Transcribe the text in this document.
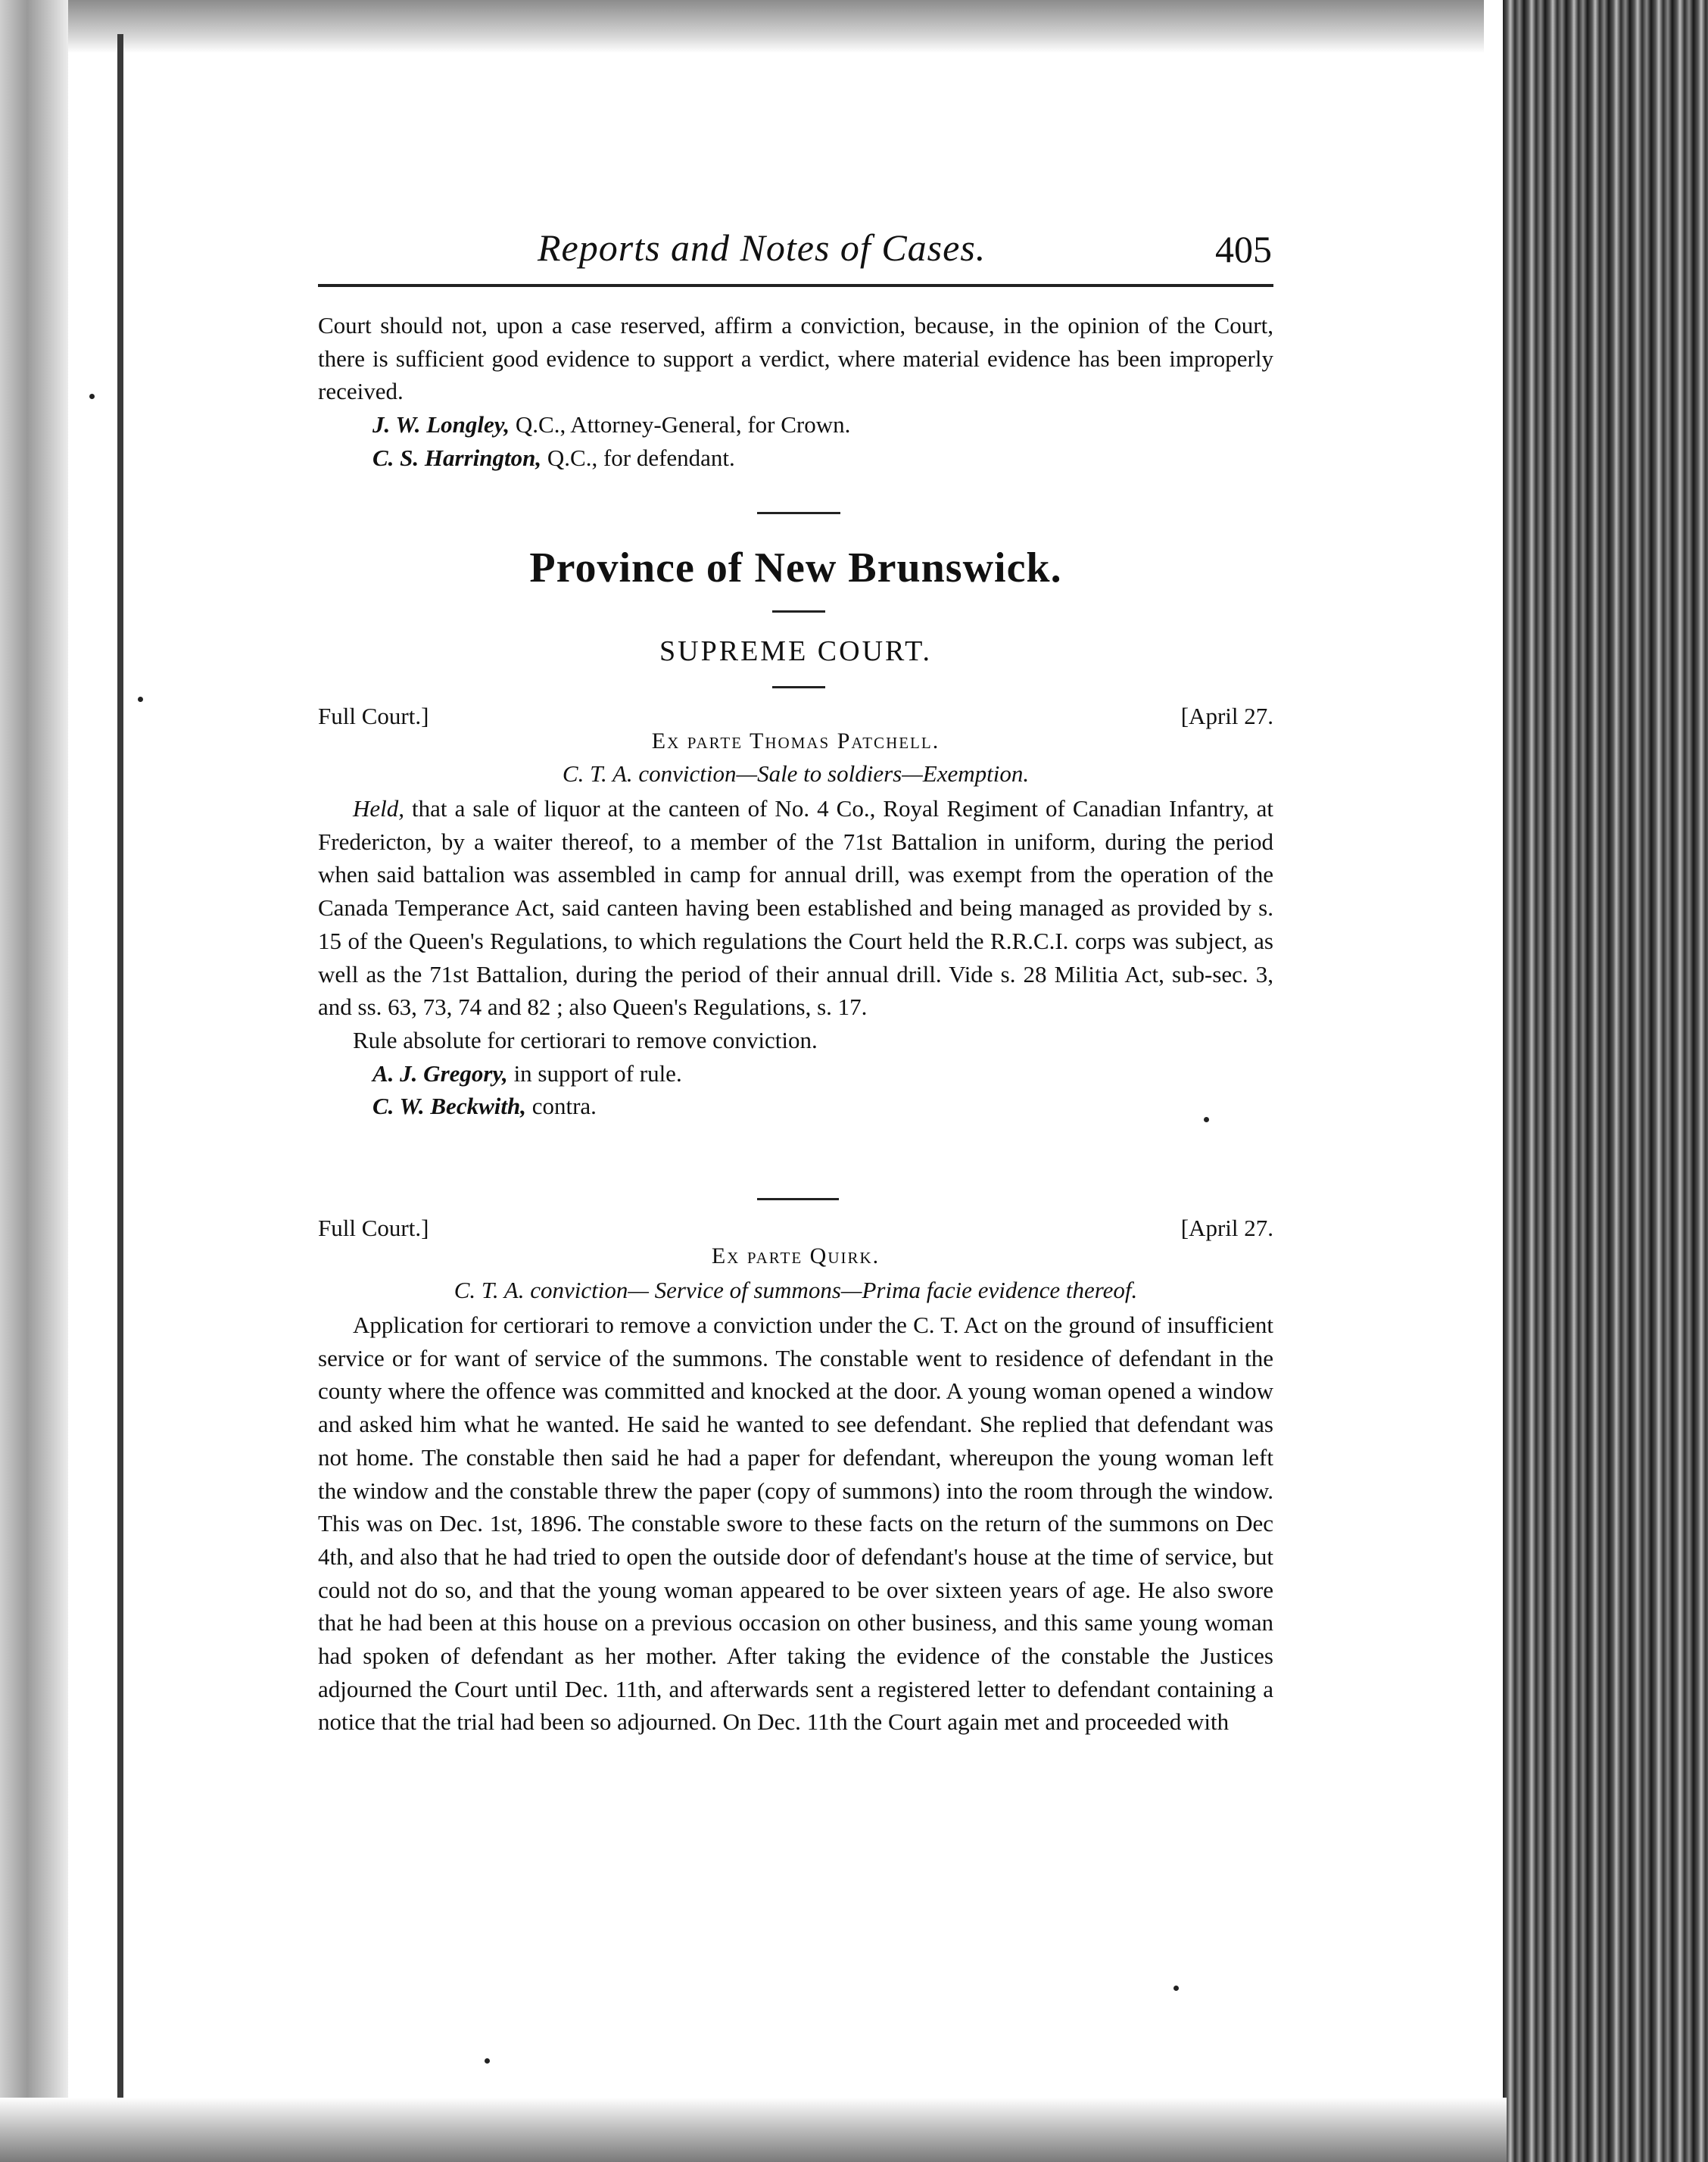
Reports and Notes of Cases.	405

Court should not, upon a case reserved, affirm a conviction, because, in the opinion of the Court, there is sufficient good evidence to support a verdict, where material evidence has been improperly received.

J. W. Longley, Q.C., Attorney-General, for Crown.

C. S. Harrington, Q.C., for defendant.

Province of New Brunswick.
SUPREME COURT.
Full Court.]	[April 27.
Ex parte Thomas Patchell.
C. T. A. conviction—Sale to soldiers—Exemption.

Held, that a sale of liquor at the canteen of No. 4 Co., Royal Regiment of Canadian Infantry, at Fredericton, by a waiter thereof, to a member of the 71st Battalion in uniform, during the period when said battalion was assembled in camp for annual drill, was exempt from the operation of the Canada Temperance Act, said canteen having been established and being managed as provided by s. 15 of the Queen's Regulations, to which regulations the Court held the R.R.C.I. corps was subject, as well as the 71st Battalion, during the period of their annual drill. Vide s. 28 Militia Act, sub-sec. 3, and ss. 63, 73, 74 and 82 ; also Queen's Regulations, s. 17.

Rule absolute for certiorari to remove conviction.

A. J. Gregory, in support of rule.

C. W. Beckwith, contra.

Full Court.]	[April 27.
Ex parte Quirk.
C. T. A. conviction— Service of summons—Prima facie evidence thereof.

Application for certiorari to remove a conviction under the C. T. Act on the ground of insufficient service or for want of service of the summons. The constable went to residence of defendant in the county where the offence was committed and knocked at the door. A young woman opened a window and asked him what he wanted. He said he wanted to see defendant. She replied that defendant was not home. The constable then said he had a paper for defendant, whereupon the young woman left the window and the constable threw the paper (copy of summons) into the room through the window. This was on Dec. 1st, 1896. The constable swore to these facts on the return of the summons on Dec 4th, and also that he had tried to open the outside door of defendant's house at the time of service, but could not do so, and that the young woman appeared to be over sixteen years of age. He also swore that he had been at this house on a previous occasion on other business, and this same young woman had spoken of defendant as her mother. After taking the evidence of the constable the Justices adjourned the Court until Dec. 11th, and afterwards sent a registered letter to defendant containing a notice that the trial had been so adjourned. On Dec. 11th the Court again met and proceeded with
